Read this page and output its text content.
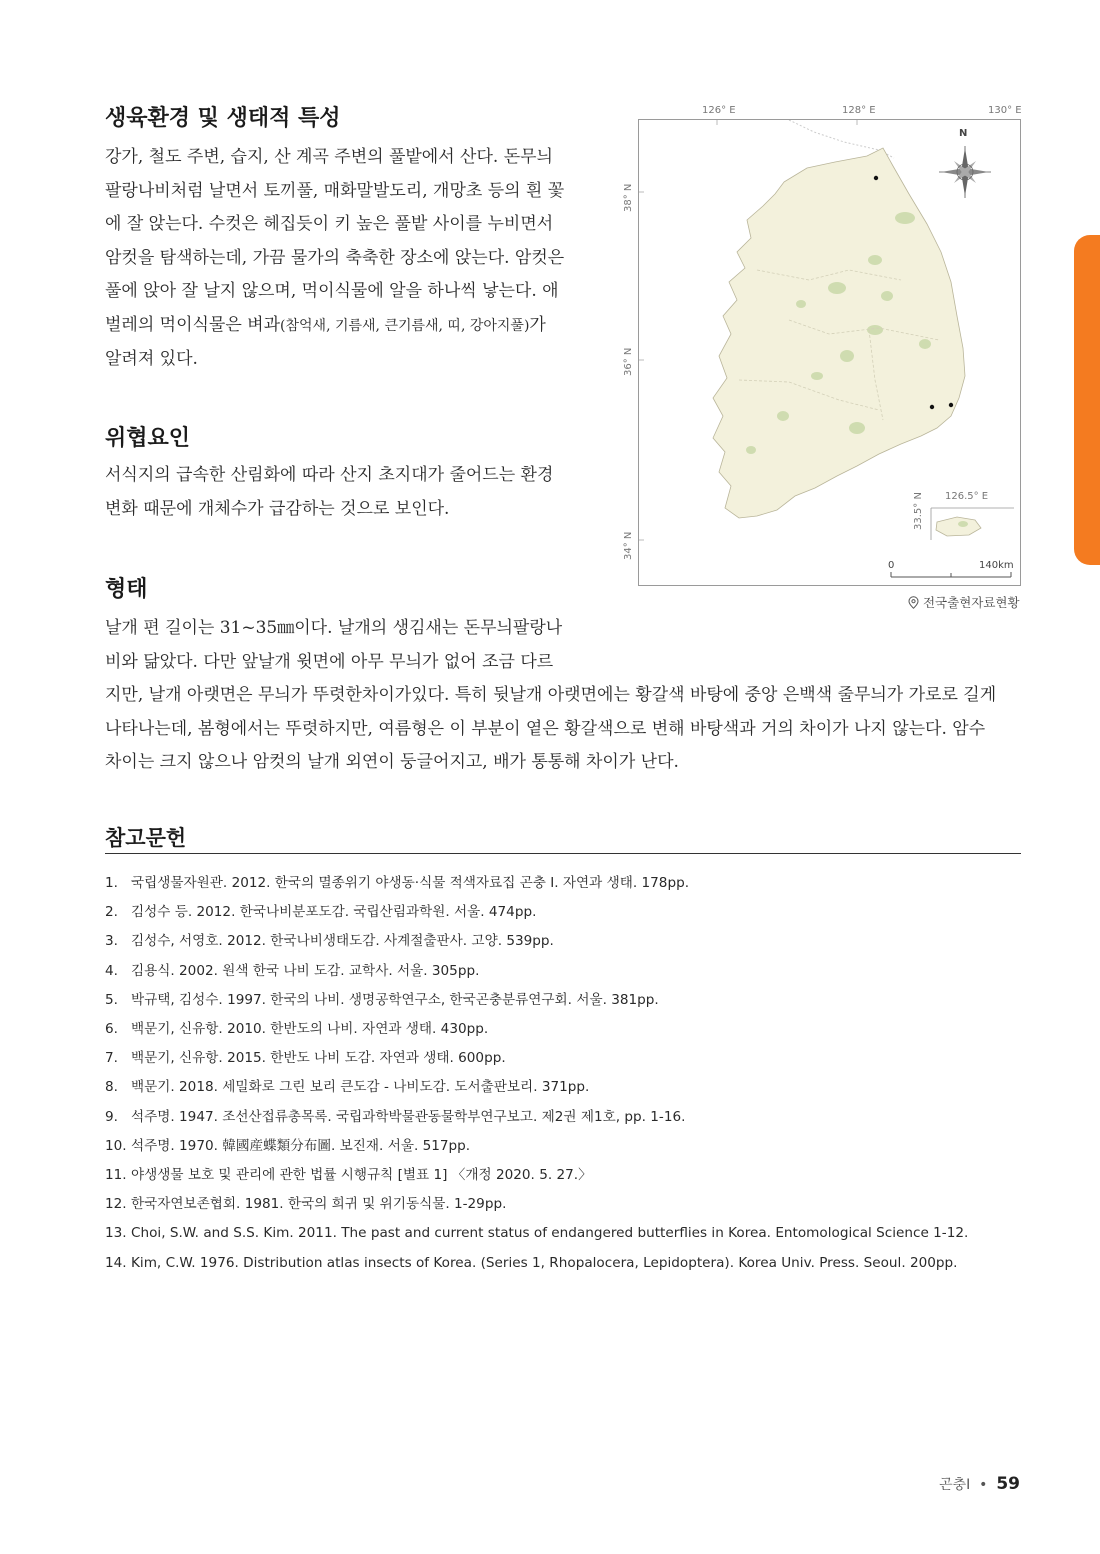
생육환경 및 생태적 특성

강가, 철도 주변, 습지, 산 계곡 주변의 풀밭에서 산다. 돈무늬

팔랑나비처럼 날면서 토끼풀, 매화말발도리, 개망초 등의 흰 꽃

에 잘 앉는다. 수컷은 헤집듯이 키 높은 풀밭 사이를 누비면서

암컷을 탐색하는데, 가끔 물가의 축축한 장소에 앉는다. 암컷은

풀에 앉아 잘 날지 않으며, 먹이식물에 알을 하나씩 낳는다. 애

벌레의 먹이식물은 벼과(참억새, 기름새, 큰기름새, 띠, 강아지풀)가

알려져 있다.

위협요인

서식지의 급속한 산림화에 따라 산지 초지대가 줄어드는 환경

변화 때문에 개체수가 급감하는 것으로 보인다.

형태

날개 편 길이는 31~35㎜이다. 날개의 생김새는 돈무늬팔랑나

비와 닮았다. 다만 앞날개 윗면에 아무 무늬가 없어 조금 다르

지만, 날개 아랫면은 무늬가 뚜렷한차이가있다. 특히 뒷날개 아랫면에는 황갈색 바탕에 중앙 은백색 줄무늬가 가로로 길게

나타나는데, 봄형에서는 뚜렷하지만, 여름형은 이 부분이 옅은 황갈색으로 변해 바탕색과 거의 차이가 나지 않는다. 암수

차이는 크지 않으나 암컷의 날개 외연이 둥글어지고, 배가 통통해 차이가 난다.

126° E	128° E	130° E
N
126.5° E
33.5° N
0	140km
38° N
36° N
34° N
전국출현자료현황
참고문헌
1. 국립생물자원관. 2012. 한국의 멸종위기 야생동·식물 적색자료집 곤충 I. 자연과 생태. 178pp.
2. 김성수 등. 2012. 한국나비분포도감. 국립산림과학원. 서울. 474pp.
3. 김성수, 서영호. 2012. 한국나비생태도감. 사계절출판사. 고양. 539pp.
4. 김용식. 2002. 원색 한국 나비 도감. 교학사. 서울. 305pp.
5. 박규택, 김성수. 1997. 한국의 나비. 생명공학연구소, 한국곤충분류연구회. 서울. 381pp.
6. 백문기, 신유항. 2010. 한반도의 나비. 자연과 생태. 430pp.
7. 백문기, 신유항. 2015. 한반도 나비 도감. 자연과 생태. 600pp.
8. 백문기. 2018. 세밀화로 그린 보리 큰도감 - 나비도감. 도서출판보리. 371pp.
9. 석주명. 1947. 조선산접류총목록. 국립과학박물관동물학부연구보고. 제2권 제1호, pp. 1-16.
10. 석주명. 1970. 韓國産蝶類分布圖. 보진재. 서울. 517pp.
11. 야생생물 보호 및 관리에 관한 법률 시행규칙 [별표 1] 〈개정 2020. 5. 27.〉
12. 한국자연보존협회. 1981. 한국의 희귀 및 위기동식물. 1-29pp.
13. Choi, S.W. and S.S. Kim. 2011. The past and current status of endangered butterflies in Korea. Entomological Science 1-12.
14. Kim, C.W. 1976. Distribution atlas insects of Korea. (Series 1, Rhopalocera, Lepidoptera). Korea Univ. Press. Seoul. 200pp.
곤충Ⅰ • 59
